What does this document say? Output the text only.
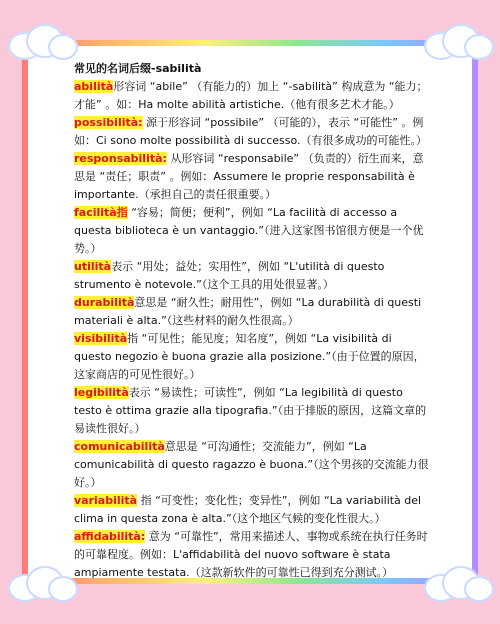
常见的名词后缀-sabilità

abilità形容词 “abile” （有能力的）加上 “-sabilità” 构成意为 “能力；才能” 。如：Ha molte abilità artistiche.（他有很多艺术才能。）

possibilità: 源于形容词 “possibile” （可能的），表示 “可能性” 。例如：Ci sono molte possibilità di successo.（有很多成功的可能性。）

responsabilità: 从形容词 “responsabile” （负责的）衍生而来，意思是 “责任；职责” 。例如：Assumere le proprie responsabilità è importante.（承担自己的责任很重要。）

facilità指 “容易；简便；便利”，例如 “La facilità di accesso a questa biblioteca è un vantaggio.”（进入这家图书馆很方便是一个优势。）

utilità表示 “用处；益处；实用性”，例如 “L'utilità di questo strumento è notevole.”（这个工具的用处很显著。）

durabilità意思是 “耐久性；耐用性”，例如 “La durabilità di questi materiali è alta.”（这些材料的耐久性很高。）

visibilità指 “可见性；能见度；知名度”，例如 “La visibilità di questo negozio è buona grazie alla posizione.”（由于位置的原因，这家商店的可见性很好。）

legibilità表示 “易读性；可读性”，例如 “La legibilità di questo testo è ottima grazie alla tipografia.”（由于排版的原因，这篇文章的易读性很好。）

comunicabilità意思是 “可沟通性；交流能力”，例如 “La comunicabilità di questo ragazzo è buona.”（这个男孩的交流能力很好。）

variabilità 指 “可变性；变化性；变异性”，例如 “La variabilità del clima in questa zona è alta.”（这个地区气候的变化性很大。）

affidabilità: 意为 “可靠性”，常用来描述人、事物或系统在执行任务时的可靠程度。例如：L'affidabilità del nuovo software è stata ampiamente testata.（这款新软件的可靠性已得到充分测试。）
